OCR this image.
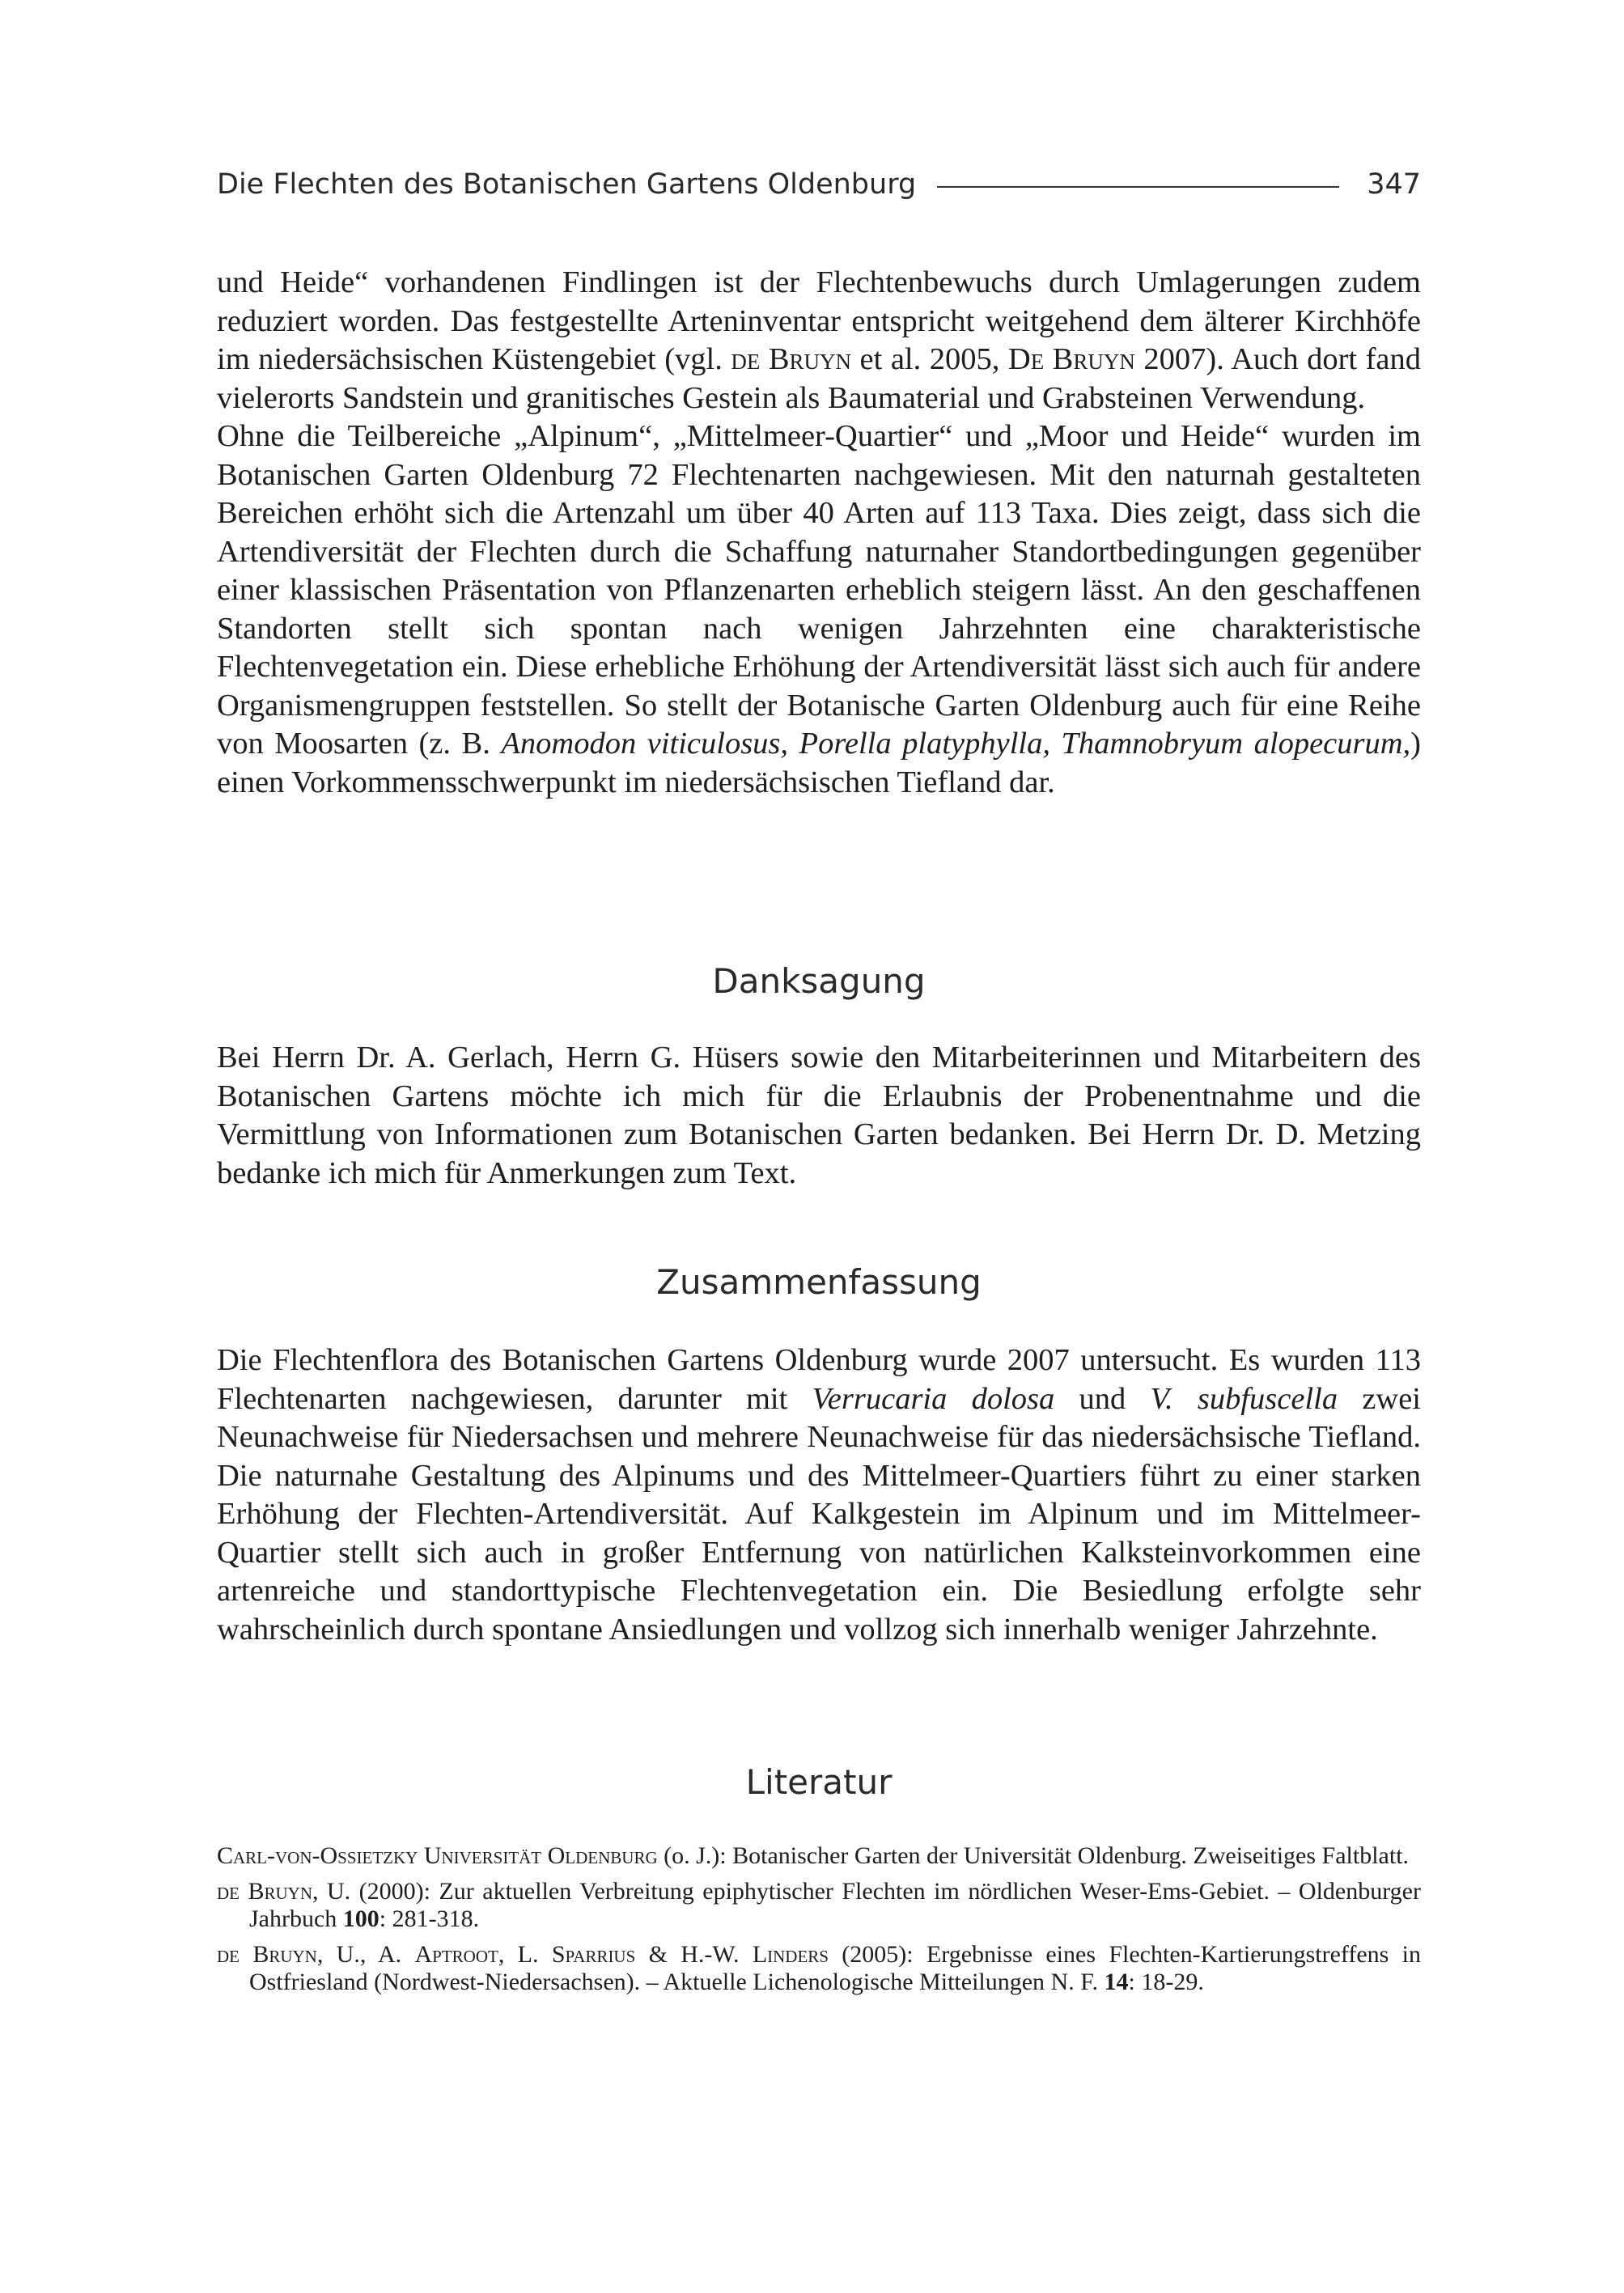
Die Flechten des Botanischen Gartens Oldenburg	347

und Heide“ vorhandenen Findlingen ist der Flechtenbewuchs durch Umlagerungen zudem reduziert worden. Das festgestellte Arteninventar entspricht weitgehend dem älterer Kirchhöfe im niedersächsischen Küstengebiet (vgl. de Bruyn et al. 2005, De Bruyn 2007). Auch dort fand vielerorts Sandstein und granitisches Gestein als Baumaterial und Grabsteinen Verwendung.

Ohne die Teilbereiche „Alpinum“, „Mittelmeer-Quartier“ und „Moor und Heide“ wurden im Botanischen Garten Oldenburg 72 Flechtenarten nachgewiesen. Mit den naturnah gestalteten Bereichen erhöht sich die Artenzahl um über 40 Arten auf 113 Taxa. Dies zeigt, dass sich die Artendiversität der Flechten durch die Schaffung naturnaher Standortbedingungen gegenüber einer klassischen Präsentation von Pflanzenarten erheblich steigern lässt. An den geschaffenen Standorten stellt sich spontan nach wenigen Jahrzehnten eine charakteristische Flechtenvegetation ein. Diese erhebliche Erhöhung der Artendiversität lässt sich auch für andere Organismengruppen feststellen. So stellt der Botanische Garten Oldenburg auch für eine Reihe von Moosarten (z. B. Anomodon viticulosus, Porella platyphylla, Thamnobryum alopecurum,) einen Vorkommensschwerpunkt im niedersächsischen Tiefland dar.

Danksagung

Bei Herrn Dr. A. Gerlach, Herrn G. Hüsers sowie den Mitarbeiterinnen und Mitarbeitern des Botanischen Gartens möchte ich mich für die Erlaubnis der Probenentnahme und die Vermittlung von Informationen zum Botanischen Garten bedanken. Bei Herrn Dr. D. Metzing bedanke ich mich für Anmerkungen zum Text.

Zusammenfassung

Die Flechtenflora des Botanischen Gartens Oldenburg wurde 2007 untersucht. Es wurden 113 Flechtenarten nachgewiesen, darunter mit Verrucaria dolosa und V. subfuscella zwei Neunachweise für Niedersachsen und mehrere Neunachweise für das niedersächsische Tiefland. Die naturnahe Gestaltung des Alpinums und des Mittelmeer-Quartiers führt zu einer starken Erhöhung der Flechten-Artendiversität. Auf Kalkgestein im Alpinum und im Mittelmeer-Quartier stellt sich auch in großer Entfernung von natürlichen Kalksteinvorkommen eine artenreiche und standorttypische Flechtenvegetation ein. Die Besiedlung erfolgte sehr wahrscheinlich durch spontane Ansiedlungen und vollzog sich innerhalb weniger Jahrzehnte.

Literatur
Carl-von-Ossietzky Universität Oldenburg (o. J.): Botanischer Garten der Universität Oldenburg. Zweiseitiges Faltblatt.
de Bruyn, U. (2000): Zur aktuellen Verbreitung epiphytischer Flechten im nördlichen Weser-Ems-Gebiet. – Oldenburger Jahrbuch 100: 281-318.
de Bruyn, U., A. Aptroot, L. Sparrius & H.-W. Linders (2005): Ergebnisse eines Flechten-Kartierungstreffens in Ostfriesland (Nordwest-Niedersachsen). – Aktuelle Lichenologische Mitteilungen N. F. 14: 18-29.
